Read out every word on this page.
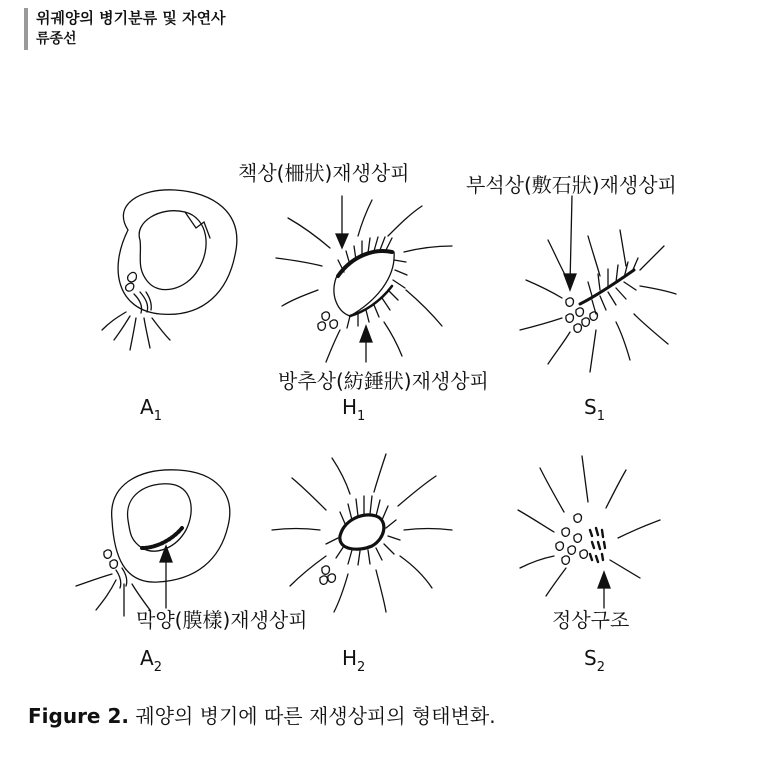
위궤양의 병기분류 및 자연사
류종선
책상(柵狀)재생상피	부석상(敷石狀)재생상피
방추상(紡錘狀)재생상피
막양(膜樣)재생상피	정상구조
$A_1$	$H_1$	$S_1$
$A_2$	$H_2$	$S_2$
Figure 2. 궤양의 병기에 따른 재생상피의 형태변화.
